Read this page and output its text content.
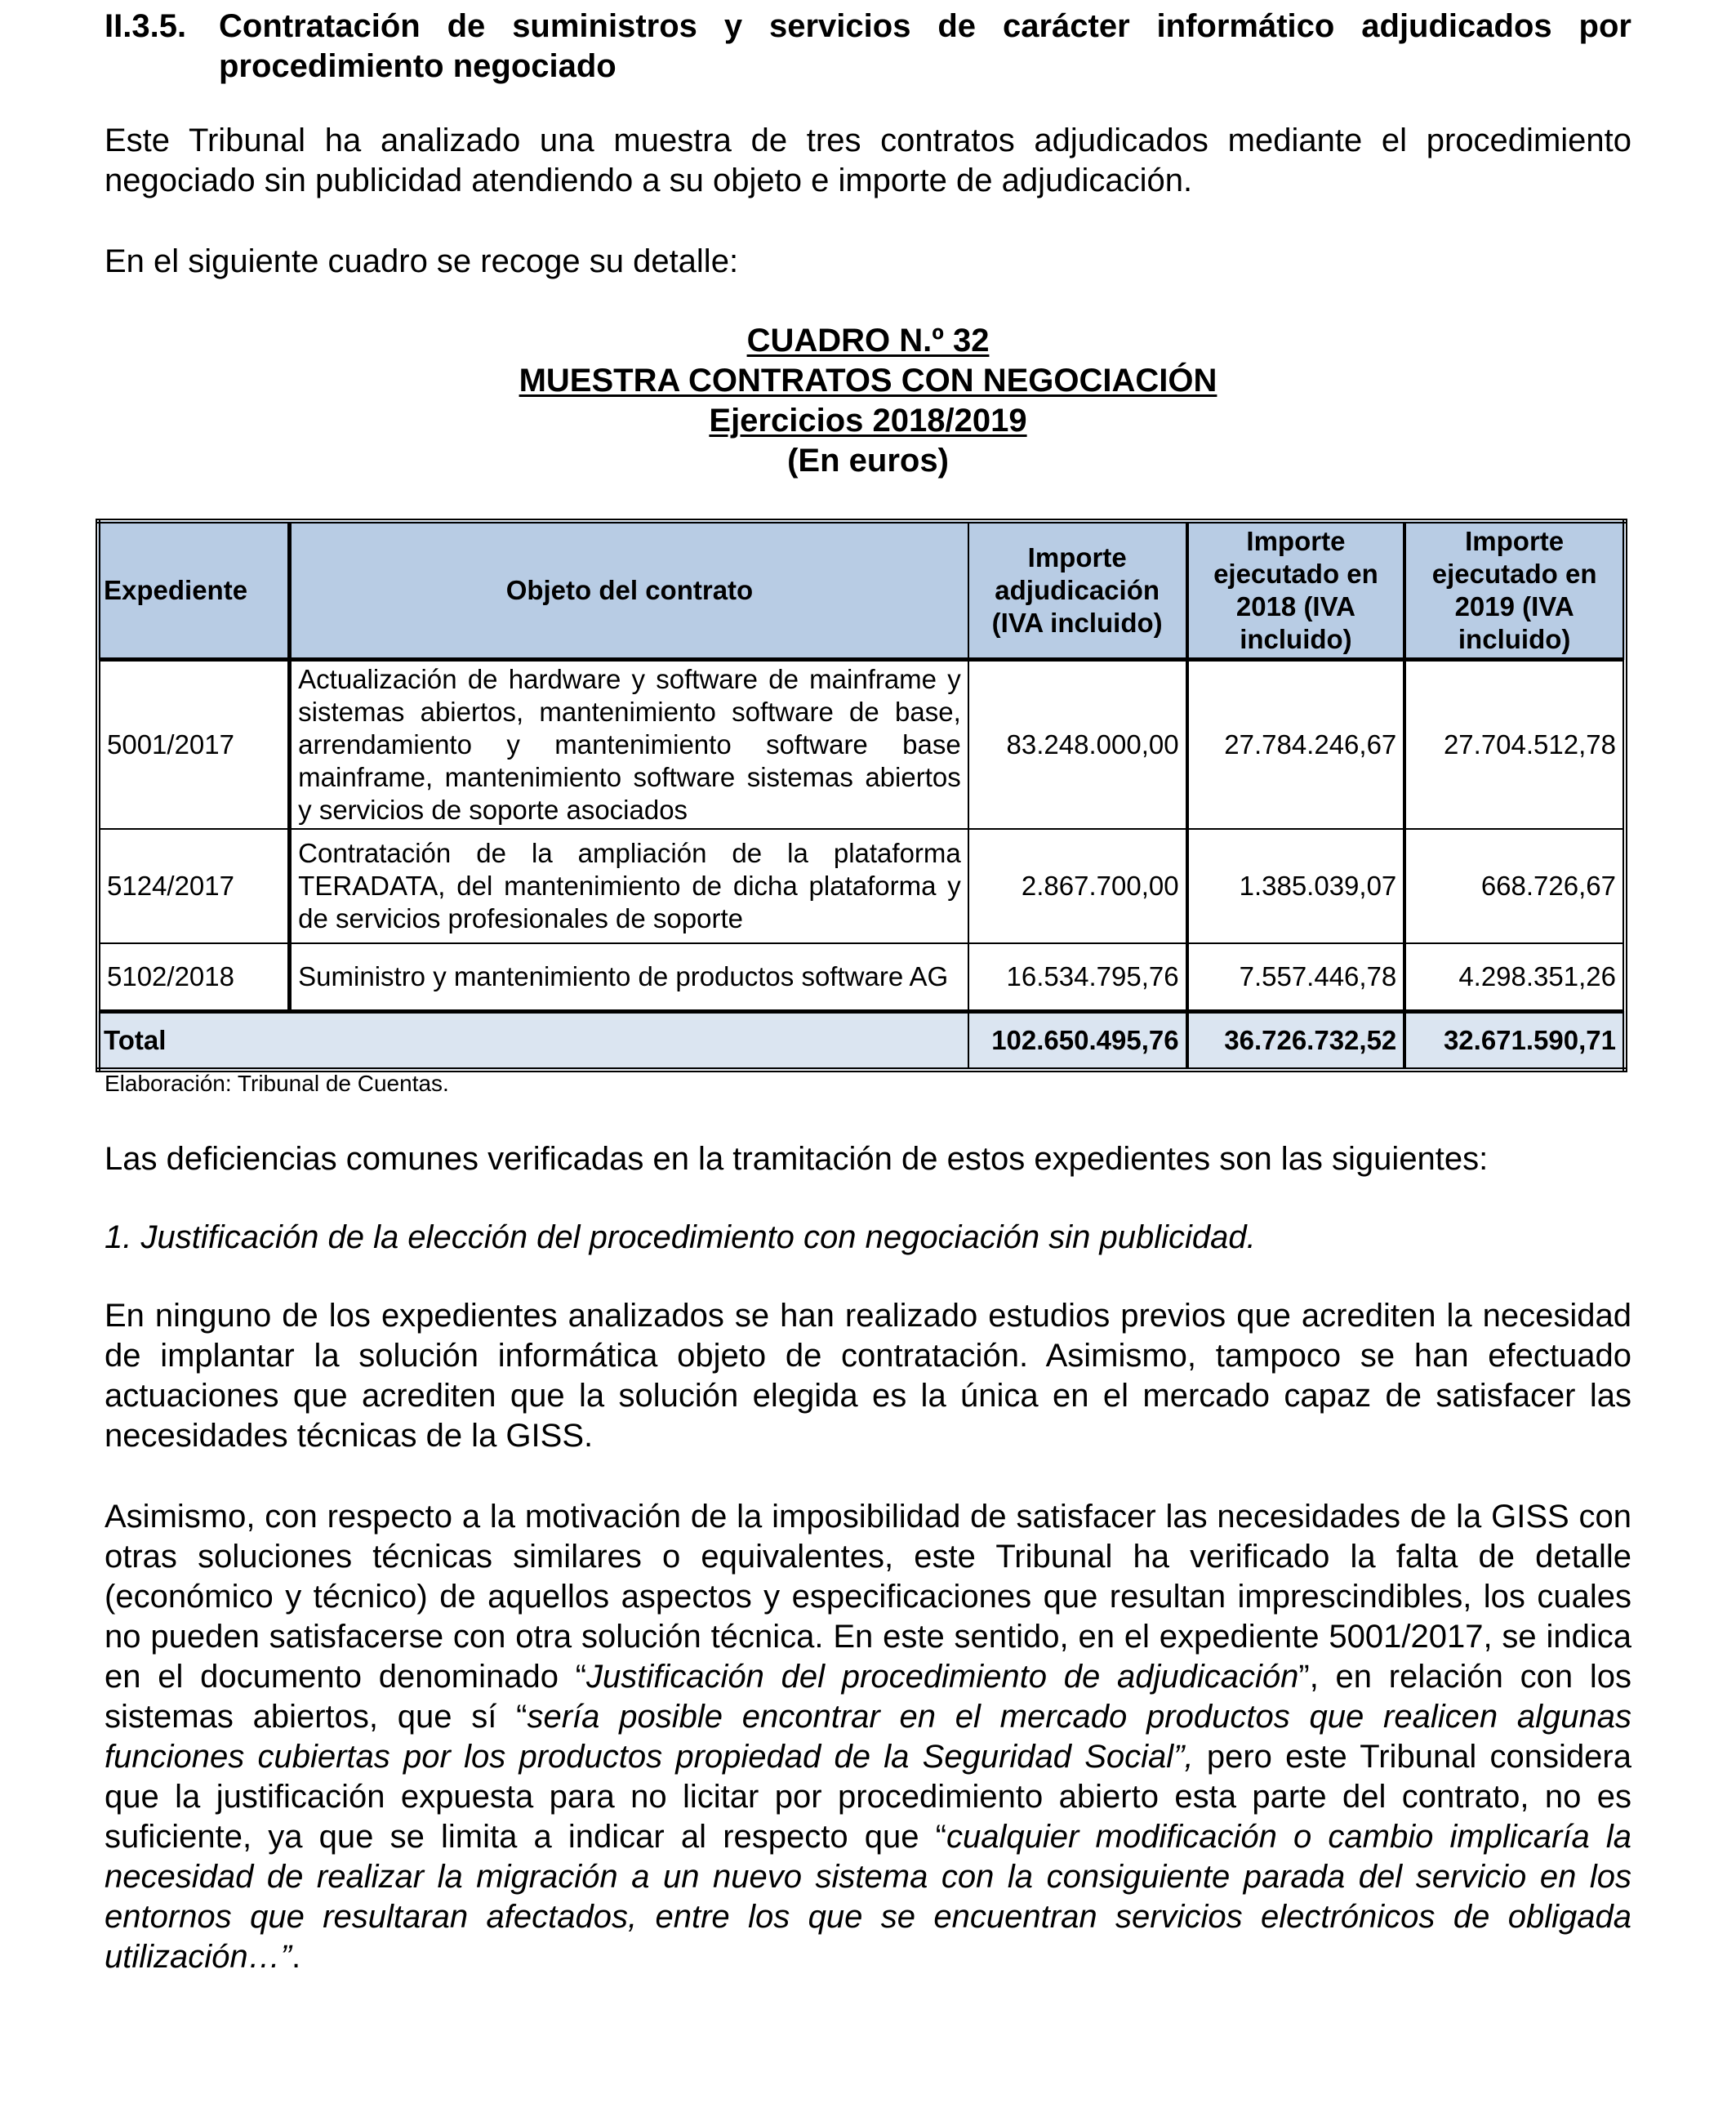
II.3.5. Contratación de suministros y servicios de carácter informático adjudicados por procedimiento negociado

Este Tribunal ha analizado una muestra de tres contratos adjudicados mediante el procedimiento negociado sin publicidad atendiendo a su objeto e importe de adjudicación.

En el siguiente cuadro se recoge su detalle:

CUADRO N.º 32
MUESTRA CONTRATOS CON NEGOCIACIÓN
Ejercicios 2018/2019
(En euros)
Expediente	Objeto del contrato	Importe adjudicación (IVA incluido)	Importe ejecutado en 2018 (IVA incluido)	Importe ejecutado en 2019 (IVA incluido)
5001/2017	Actualización de hardware y software de mainframe y sistemas abiertos, mantenimiento software de base, arrendamiento y mantenimiento software base mainframe, mantenimiento software sistemas abiertos y servicios de soporte asociados	83.248.000,00	27.784.246,67	27.704.512,78
5124/2017	Contratación de la ampliación de la plataforma TERADATA, del mantenimiento de dicha plataforma y de servicios profesionales de soporte	2.867.700,00	1.385.039,07	668.726,67
5102/2018	Suministro y mantenimiento de productos software AG	16.534.795,76	7.557.446,78	4.298.351,26
Total		102.650.495,76	36.726.732,52	32.671.590,71
Elaboración: Tribunal de Cuentas.

Las deficiencias comunes verificadas en la tramitación de estos expedientes son las siguientes:

1. Justificación de la elección del procedimiento con negociación sin publicidad.

En ninguno de los expedientes analizados se han realizado estudios previos que acrediten la necesidad de implantar la solución informática objeto de contratación. Asimismo, tampoco se han efectuado actuaciones que acrediten que la solución elegida es la única en el mercado capaz de satisfacer las necesidades técnicas de la GISS.

Asimismo, con respecto a la motivación de la imposibilidad de satisfacer las necesidades de la GISS con otras soluciones técnicas similares o equivalentes, este Tribunal ha verificado la falta de detalle (económico y técnico) de aquellos aspectos y especificaciones que resultan imprescindibles, los cuales no pueden satisfacerse con otra solución técnica. En este sentido, en el expediente 5001/2017, se indica en el documento denominado “Justificación del procedimiento de adjudicación”, en relación con los sistemas abiertos, que sí “sería posible encontrar en el mercado productos que realicen algunas funciones cubiertas por los productos propiedad de la Seguridad Social”, pero este Tribunal considera que la justificación expuesta para no licitar por procedimiento abierto esta parte del contrato, no es suficiente, ya que se limita a indicar al respecto que “cualquier modificación o cambio implicaría la necesidad de realizar la migración a un nuevo sistema con la consiguiente parada del servicio en los entornos que resultaran afectados, entre los que se encuentran servicios electrónicos de obligada utilización…”.
